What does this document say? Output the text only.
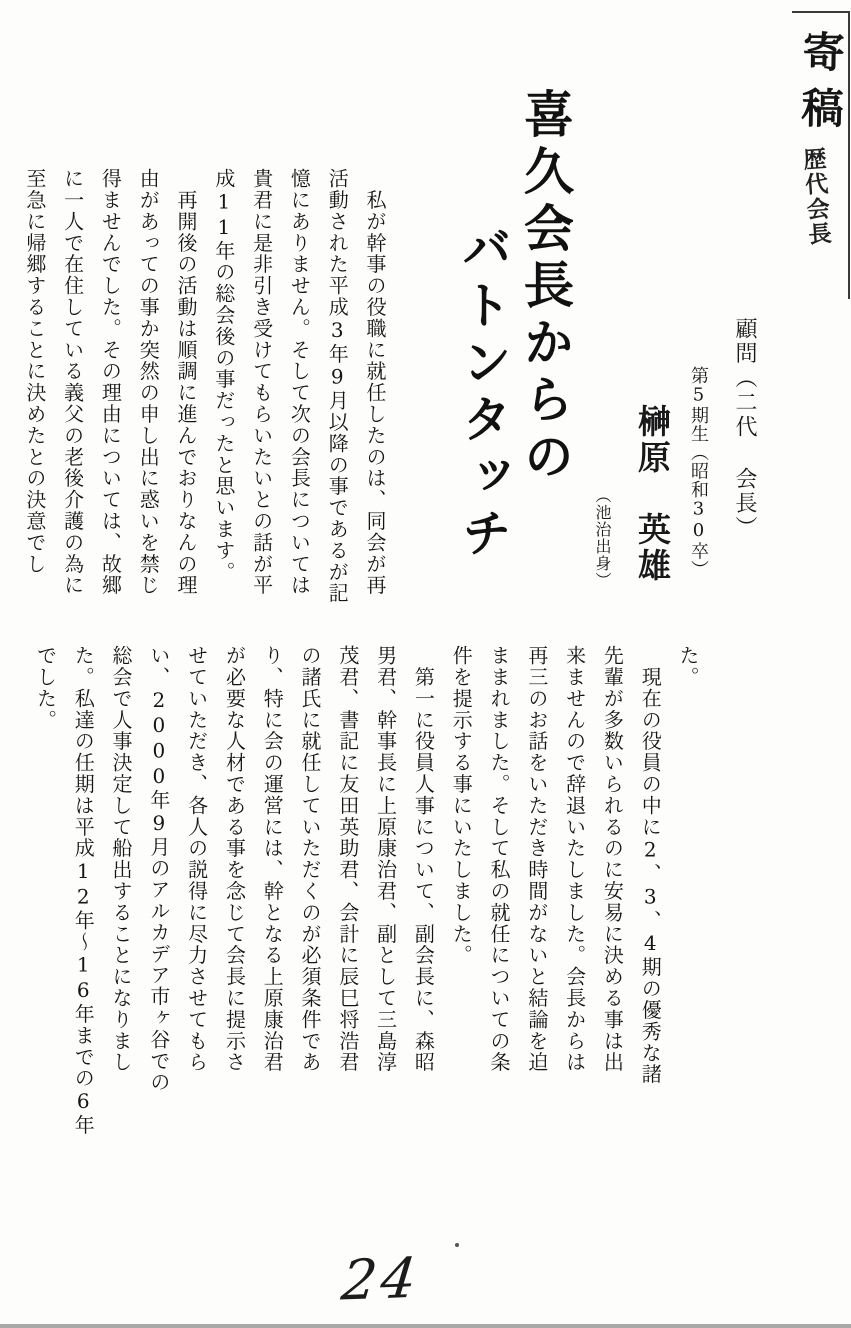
寄稿
歴代会長
喜久会長からの
バトンタッチ	顧問（二代 会長）
第5期生（昭和30卒）
榊原　英雄
（池治出身）
　私が幹事の役職に就任したのは、同会が再
活動された平成3年9月以降の事であるが記
憶にありません。そして次の会長については
貴君に是非引き受けてもらいたいとの話が平
成11年の総会後の事だったと思います。
　再開後の活動は順調に進んでおりなんの理
由があっての事か突然の申し出に惑いを禁じ
得ませんでした。その理由については、故郷
に一人で在住している義父の老後介護の為に
至急に帰郷することに決めたとの決意でし
た。
　現在の役員の中に2、3、4期の優秀な諸
先輩が多数いられるのに安易に決める事は出
来ませんので辞退いたしました。会長からは
再三のお話をいただき時間がないと結論を迫
ままれました。そして私の就任についての条
件を提示する事にいたしました。
　第一に役員人事について、副会長に、森昭
男君、幹事長に上原康治君、副として三島淳
茂君、書記に友田英助君、会計に辰巳将浩君
の諸氏に就任していただくのが必須条件であ
り、特に会の運営には、幹となる上原康治君
が必要な人材である事を念じて会長に提示さ
せていただき、各人の説得に尽力させてもら
い、2000年9月のアルカデア市ヶ谷での
総会で人事決定して船出することになりまし
た。私達の任期は平成12年〜16年までの6年
でした。
24
